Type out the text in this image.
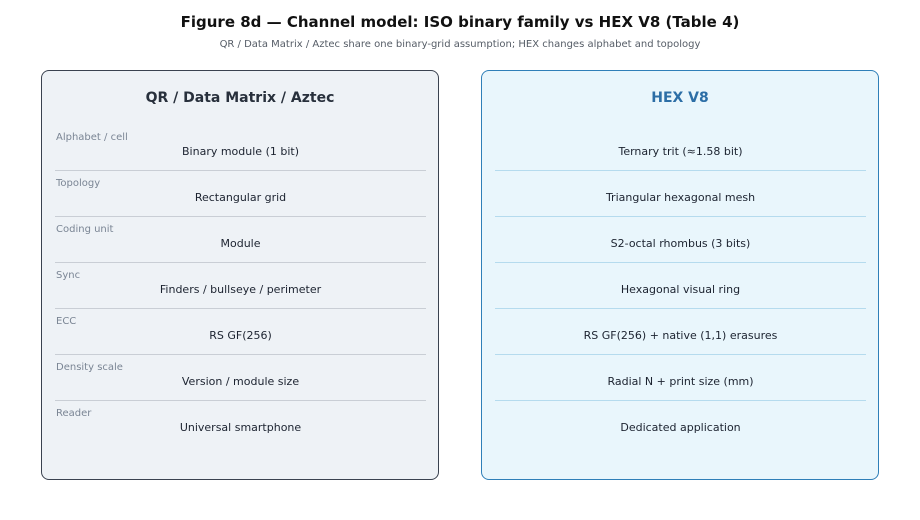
Figure 8d — Channel model: ISO binary family vs HEX V8 (Table 4)
QR / Data Matrix / Aztec share one binary-grid assumption; HEX changes alphabet and topology
QR / Data Matrix / Aztec
Alphabet / cell
Binary module (1 bit)
Topology
Rectangular grid
Coding unit
Module
Sync
Finders / bullseye / perimeter
ECC
RS GF(256)
Density scale
Version / module size
Reader
Universal smartphone
HEX V8
Ternary trit (≈1.58 bit)
Triangular hexagonal mesh
S2-octal rhombus (3 bits)
Hexagonal visual ring
RS GF(256) + native (1,1) erasures
Radial N + print size (mm)
Dedicated application
